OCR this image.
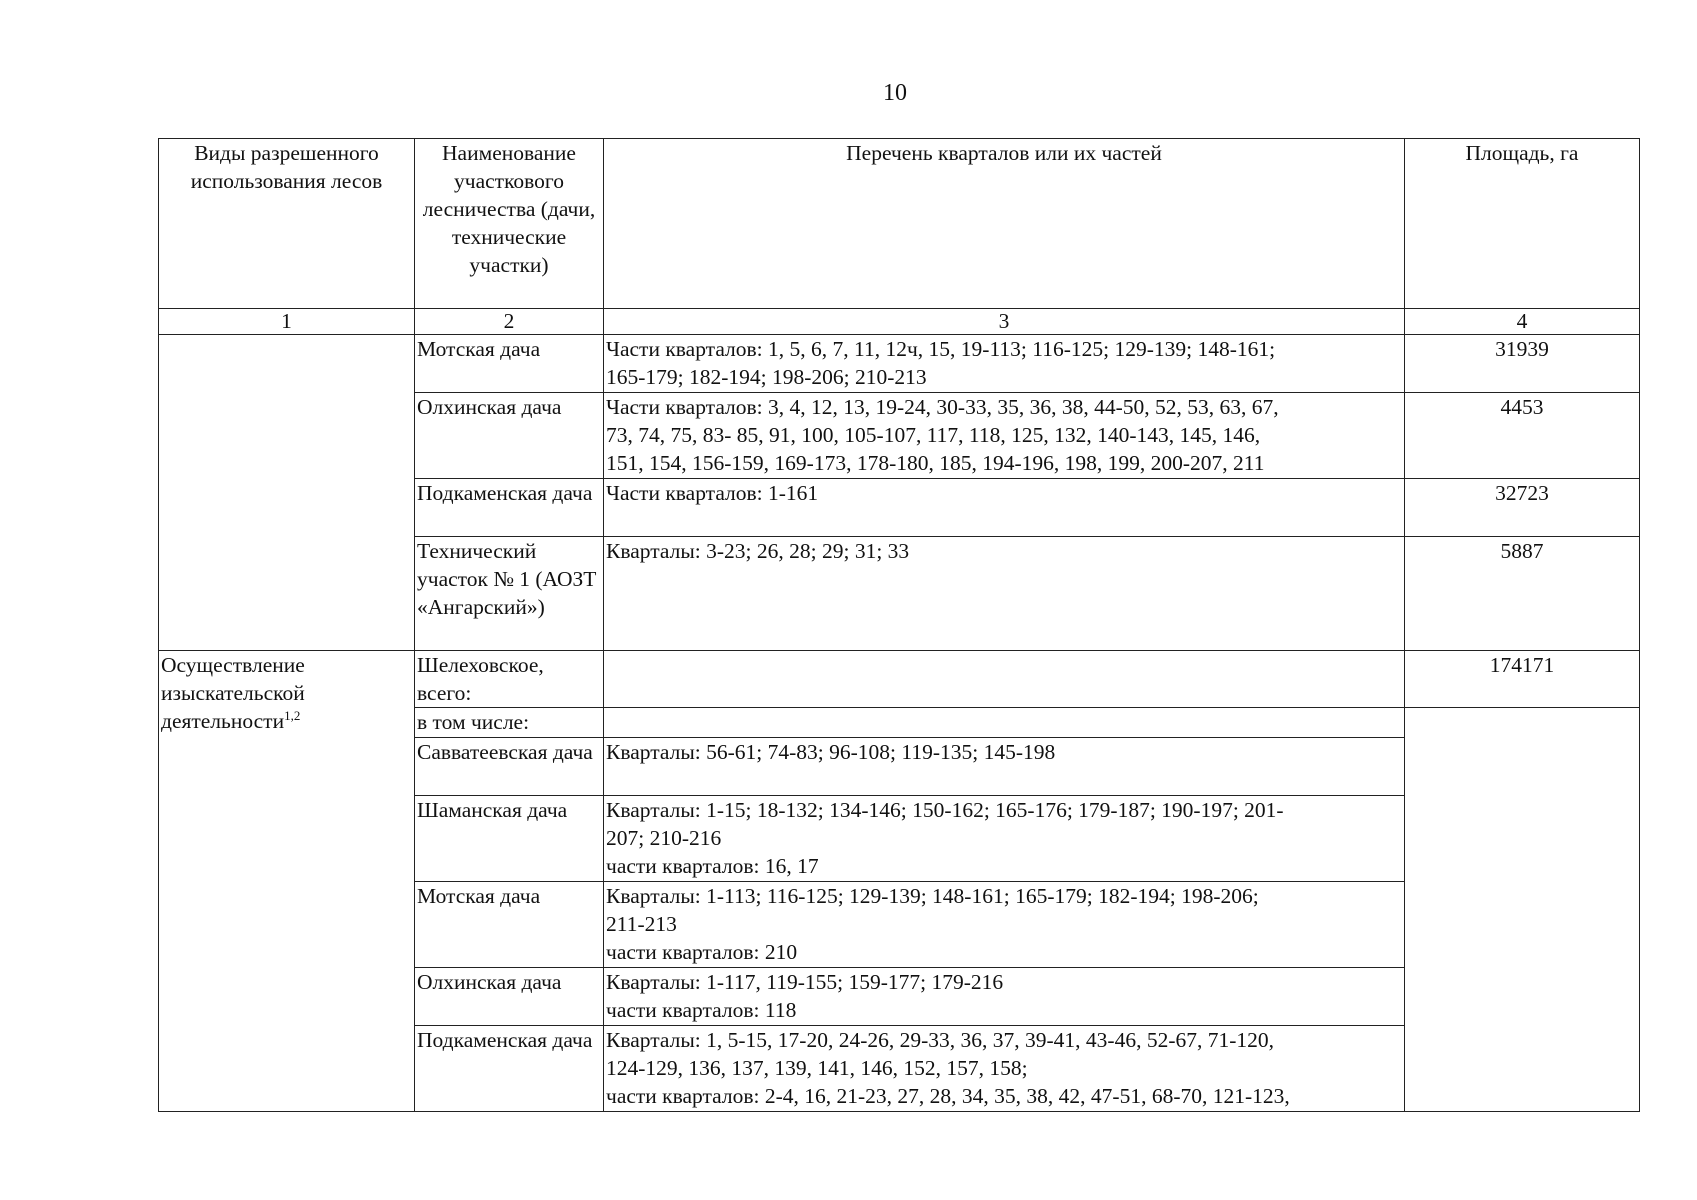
10
Виды разрешенного использования лесов	Наименование участкового лесничества (дачи, технические участки)	Перечень кварталов или их частей	Площадь, га
1	2	3	4
	Мотская дача	Части кварталов: 1, 5, 6, 7, 11, 12ч, 15, 19-113; 116-125; 129-139; 148-161;
165-179; 182-194; 198-206; 210-213	31939
	Олхинская дача	Части кварталов: 3, 4, 12, 13, 19-24, 30-33, 35, 36, 38, 44-50, 52, 53, 63, 67,
73, 74, 75, 83- 85, 91, 100, 105-107, 117, 118, 125, 132, 140-143, 145, 146,
151, 154, 156-159, 169-173, 178-180, 185, 194-196, 198, 199, 200-207, 211	4453
	Подкаменская дача	Части кварталов: 1-161	32723
	Технический участок № 1 (АОЗТ «Ангарский»)	Кварталы: 3-23; 26, 28; 29; 31; 33	5887
Осуществление изыскательской деятельности$^{1,2}$	Шелеховское, всего:		174171
	в том числе:		
	Савватеевская дача	Кварталы: 56-61; 74-83; 96-108; 119-135; 145-198	

	Шаманская дача	Кварталы: 1-15; 18-132; 134-146; 150-162; 165-176; 179-187; 190-197; 201-
207; 210-216
части кварталов: 16, 17	

	Мотская дача	Кварталы: 1-113; 116-125; 129-139; 148-161; 165-179; 182-194; 198-206;
211-213
части кварталов: 210	

	Олхинская дача	Кварталы: 1-117, 119-155; 159-177; 179-216
части кварталов: 118	

	Подкаменская дача	Кварталы: 1, 5-15, 17-20, 24-26, 29-33, 36, 37, 39-41, 43-46, 52-67, 71-120,
124-129, 136, 137, 139, 141, 146, 152, 157, 158;
части кварталов: 2-4, 16, 21-23, 27, 28, 34, 35, 38, 42, 47-51, 68-70, 121-123,	
